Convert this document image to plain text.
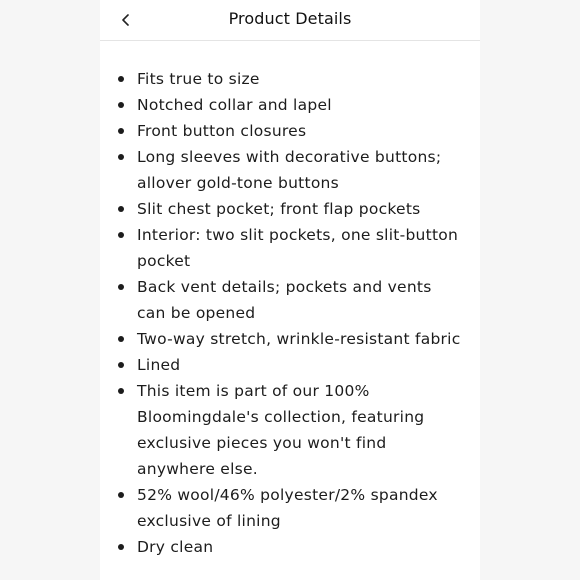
Product Details
Fits true to size
Notched collar and lapel
Front button closures
Long sleeves with decorative buttons; allover gold-tone buttons
Slit chest pocket; front flap pockets
Interior: two slit pockets, one slit-button pocket
Back vent details; pockets and vents can be opened
Two-way stretch, wrinkle-resistant fabric
Lined
This item is part of our 100% Bloomingdale's collection, featuring exclusive pieces you won't find anywhere else.
52% wool/46% polyester/2% spandex exclusive of lining
Dry clean
